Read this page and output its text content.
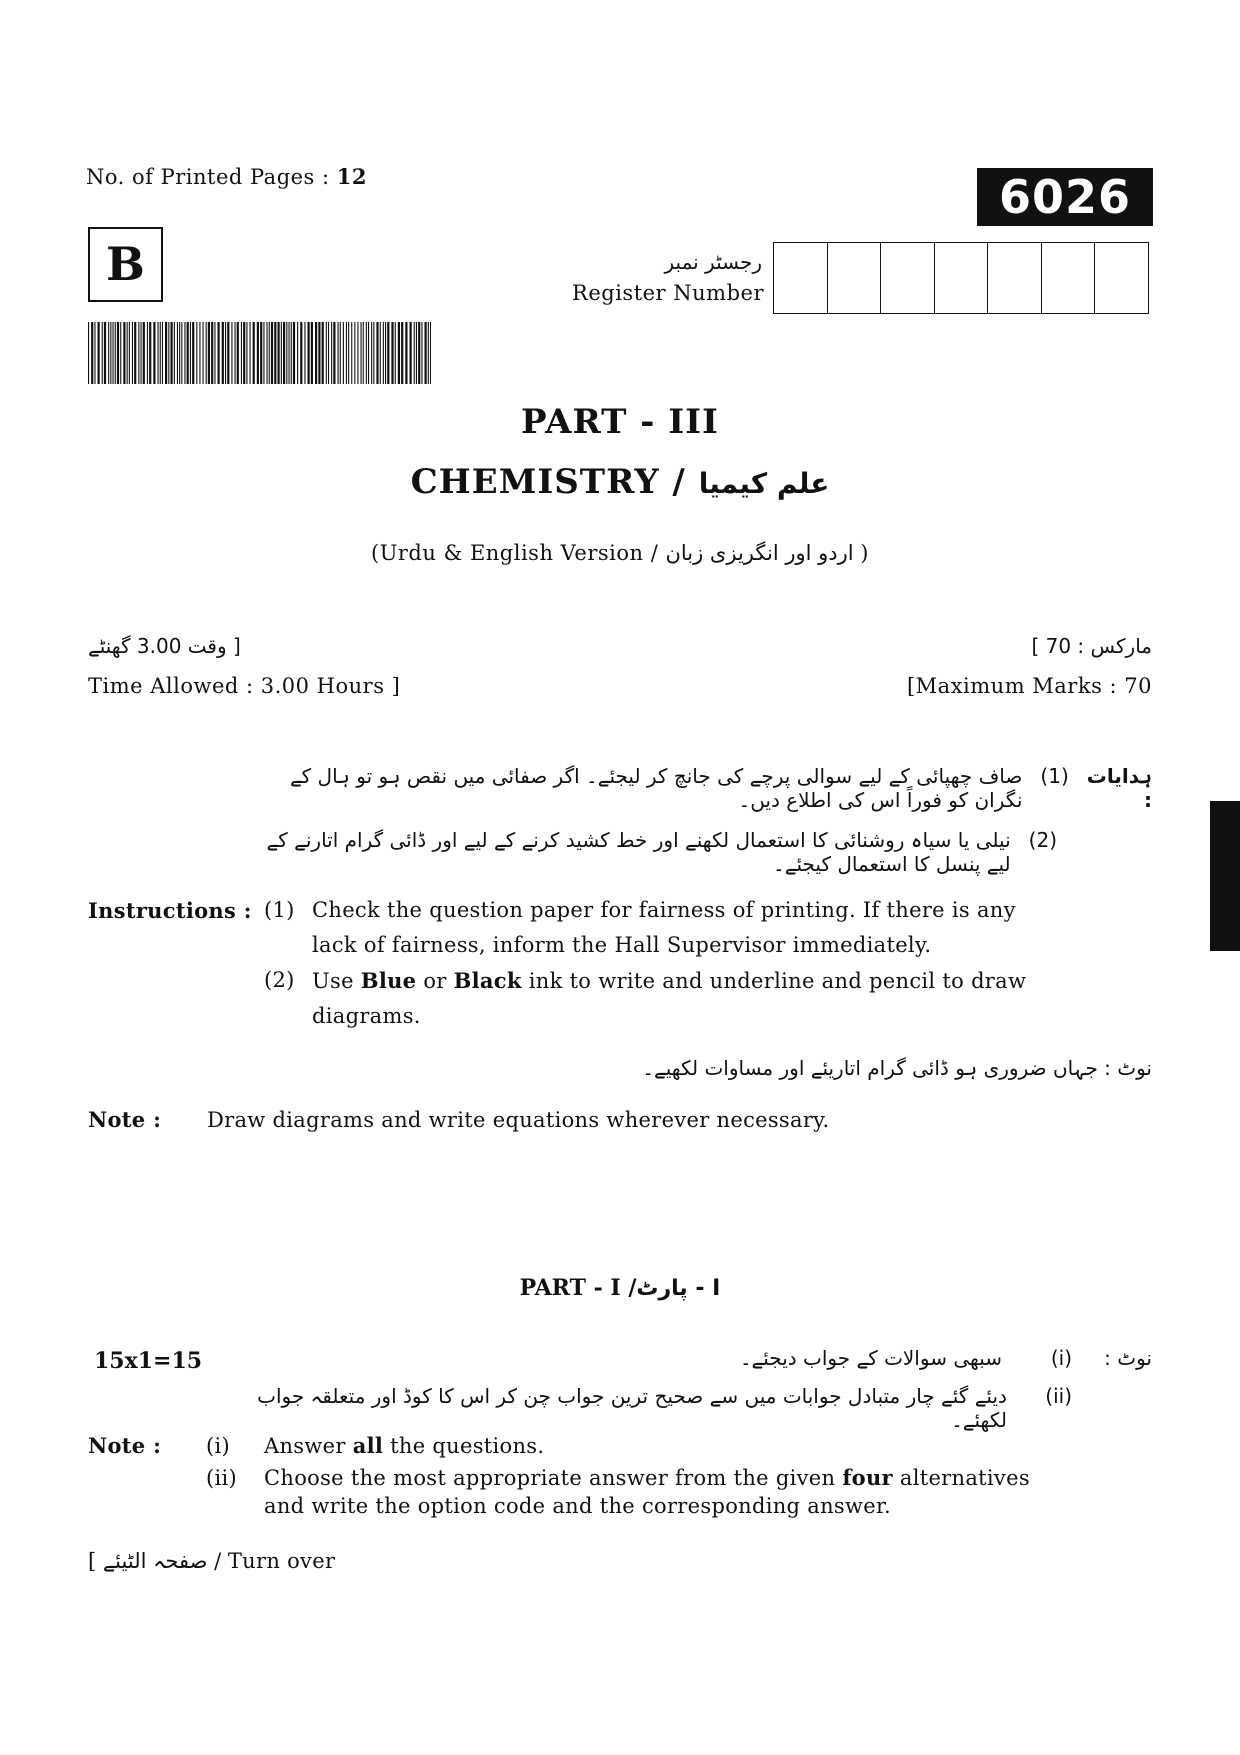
No. of Printed Pages : 12	6026
B	رجسٹر نمبر
Register Number
PART - III
CHEMISTRY / علم کیمیا
(Urdu & English Version / اردو اور انگریزی زبان )
[ وقت 3.00 گھنٹے	مارکس : 70 ]
Time Allowed : 3.00 Hours ]	[Maximum Marks : 70
ہدایات :
(1)
صاف چھپائی کے لیے سوالی پرچے کی جانچ کر لیجئے۔ اگر صفائی میں نقص ہو تو ہال کے نگران کو فوراً اس کی اطلاع دیں۔
(2)
نیلی یا سیاہ روشنائی کا استعمال لکھنے اور خط کشید کرنے کے لیے اور ڈائی گرام اتارنے کے لیے پنسل کا استعمال کیجئے۔
Instructions : (1) Check the question paper for fairness of printing. If there is any
lack of fairness, inform the Hall Supervisor immediately.
(2) Use Blue or Black ink to write and underline and pencil to draw
diagrams.
نوٹ : جہاں ضروری ہو ڈائی گرام اتاریئے اور مساوات لکھیے۔
Note : Draw diagrams and write equations wherever necessary.
PART - I /I - پارٹ
15x1=15	نوٹ :
(i)
سبھی سوالات کے جواب دیجئے۔
(ii)
دیئے گئے چار متبادل جوابات میں سے صحیح ترین جواب چن کر اس کا کوڈ اور متعلقہ جواب لکھئے۔
Note :	(i)	Answer all the questions.
(ii)	Choose the most appropriate answer from the given four alternatives
and write the option code and the corresponding answer.
[ صفحہ الٹیئے / Turn over
